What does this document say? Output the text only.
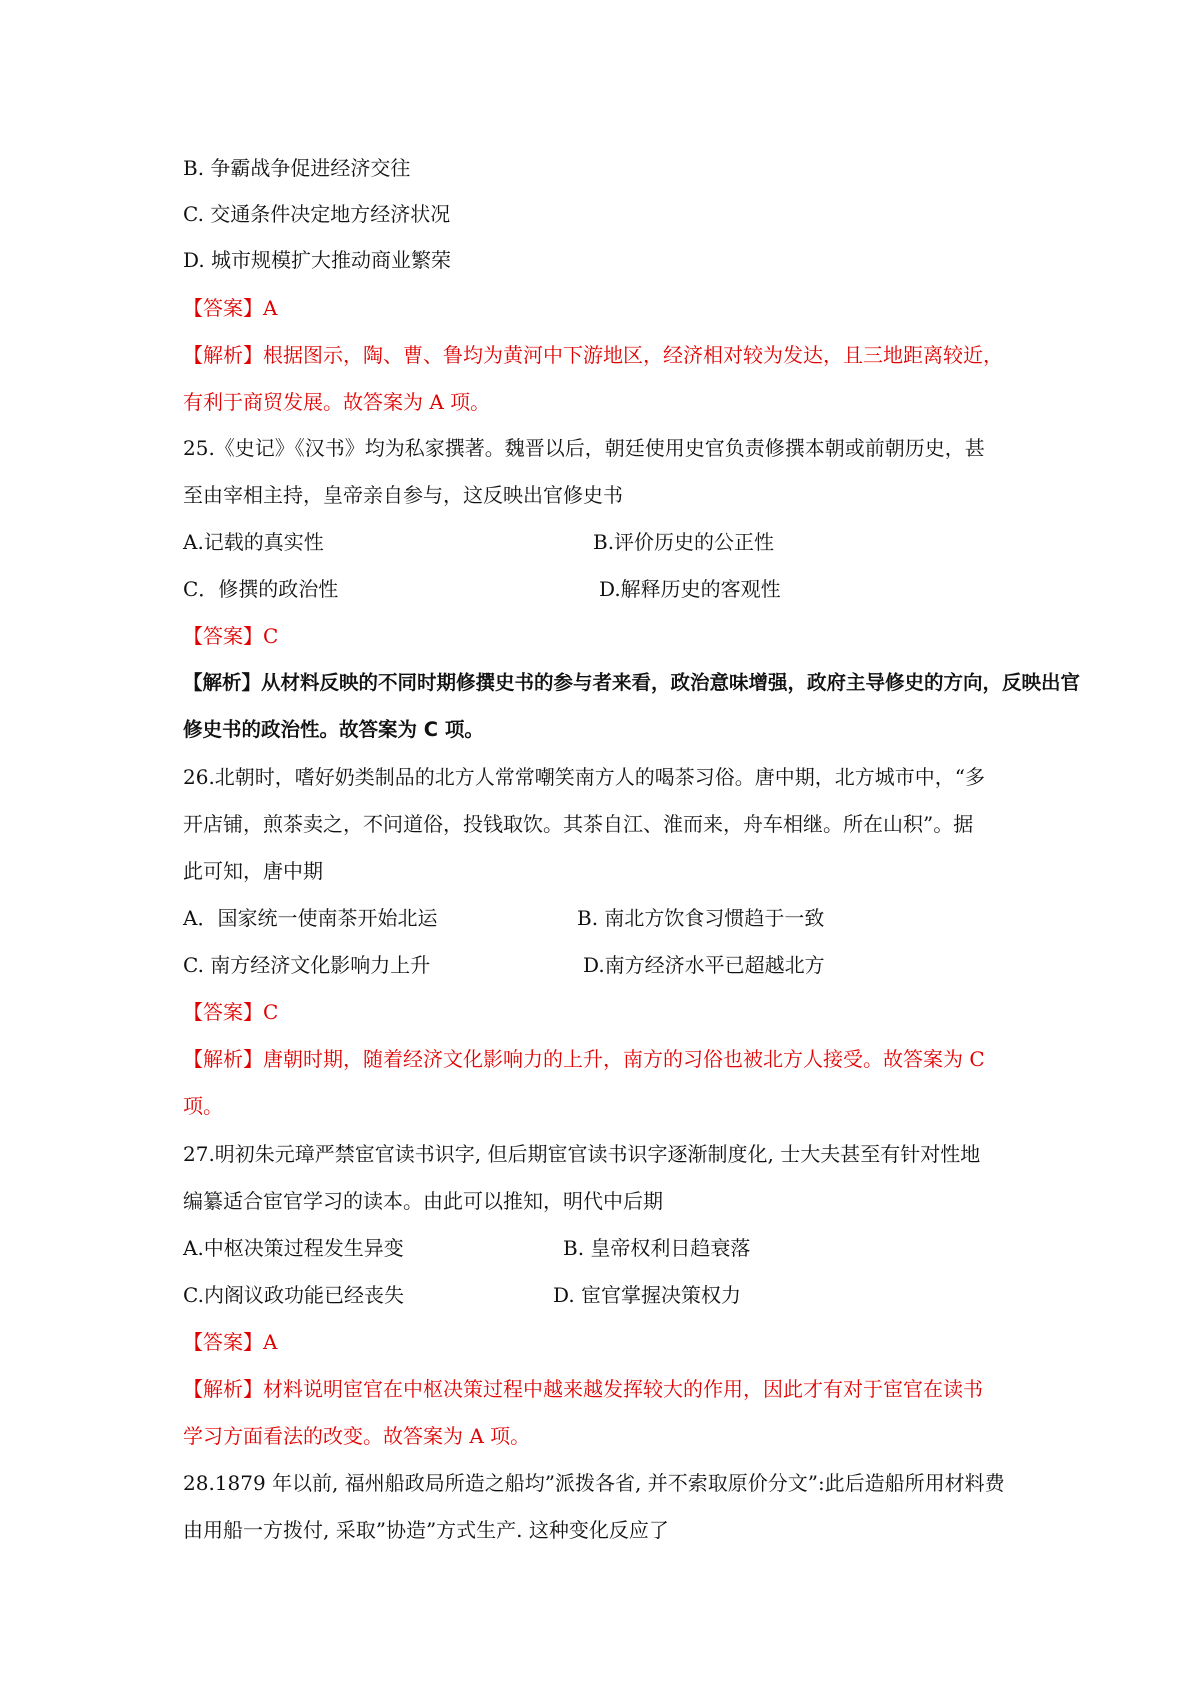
B. 争霸战争促进经济交往
C. 交通条件决定地方经济状况
D. 城市规模扩大推动商业繁荣
【答案】A
【解析】根据图示，陶、曹、鲁均为黄河中下游地区，经济相对较为发达，且三地距离较近，
有利于商贸发展。故答案为 A 项。
25.《史记》《汉书》均为私家撰著。魏晋以后，朝廷使用史官负责修撰本朝或前朝历史，甚
至由宰相主持，皇帝亲自参与，这反映出官修史书
A.记载的真实性	B.评价历史的公正性
C．修撰的政治性	D.解释历史的客观性
【答案】C
【解析】从材料反映的不同时期修撰史书的参与者来看，政治意味增强，政府主导修史的方向，反映出官
修史书的政治性。故答案为 C 项。
26.北朝时，嗜好奶类制品的北方人常常嘲笑南方人的喝茶习俗。唐中期，北方城市中，“多
开店铺，煎茶卖之，不问道俗，投钱取饮。其茶自江、淮而来，舟车相继。所在山积”。据
此可知，唐中期
A．国家统一使南茶开始北运	B. 南北方饮食习惯趋于一致
C. 南方经济文化影响力上升	D.南方经济水平已超越北方
【答案】C
【解析】唐朝时期，随着经济文化影响力的上升，南方的习俗也被北方人接受。故答案为 C
项。
27.明初朱元璋严禁宦官读书识字, 但后期宦官读书识字逐渐制度化, 士大夫甚至有针对性地
编纂适合宦官学习的读本。由此可以推知，明代中后期
A.中枢决策过程发生异变	B. 皇帝权利日趋衰落
C.内阁议政功能已经丧失	D. 宦官掌握决策权力
【答案】A
【解析】材料说明宦官在中枢决策过程中越来越发挥较大的作用，因此才有对于宦官在读书
学习方面看法的改变。故答案为 A 项。
28.1879 年以前, 福州船政局所造之船均”派拨各省, 并不索取原价分文”:此后造船所用材料费
由用船一方拨付, 采取”协造”方式生产. 这种变化反应了
